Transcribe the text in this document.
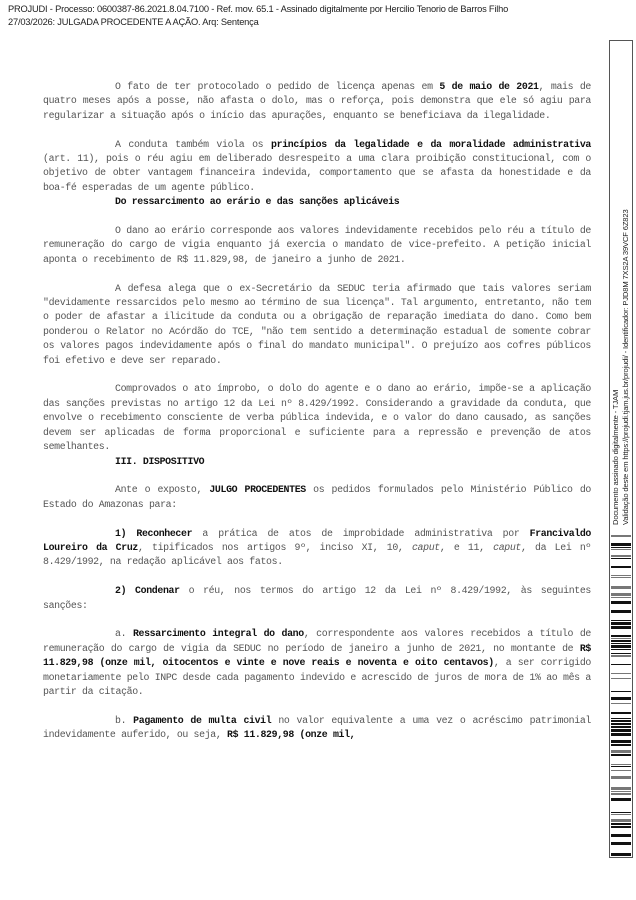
PROJUDI - Processo: 0600387-86.2021.8.04.7100 - Ref. mov. 65.1 - Assinado digitalmente por Hercilio Tenorio de Barros Filho
27/03/2026: JULGADA PROCEDENTE A AÇÃO. Arq: Sentença

O fato de ter protocolado o pedido de licença apenas em 5 de maio de 2021, mais de quatro meses após a posse, não afasta o dolo, mas o reforça, pois demonstra que ele só agiu para regularizar a situação após o início das apurações, enquanto se beneficiava da ilegalidade.

A conduta também viola os princípios da legalidade e da moralidade administrativa (art. 11), pois o réu agiu em deliberado desrespeito a uma clara proibição constitucional, com o objetivo de obter vantagem financeira indevida, comportamento que se afasta da honestidade e da boa-fé esperadas de um agente público.

Do ressarcimento ao erário e das sanções aplicáveis

O dano ao erário corresponde aos valores indevidamente recebidos pelo réu a título de remuneração do cargo de vigia enquanto já exercia o mandato de vice-prefeito. A petição inicial aponta o recebimento de R$ 11.829,98, de janeiro a junho de 2021.

A defesa alega que o ex-Secretário da SEDUC teria afirmado que tais valores seriam "devidamente ressarcidos pelo mesmo ao término de sua licença". Tal argumento, entretanto, não tem o poder de afastar a ilicitude da conduta ou a obrigação de reparação imediata do dano. Como bem ponderou o Relator no Acórdão do TCE, "não tem sentido a determinação estadual de somente cobrar os valores pagos indevidamente após o final do mandato municipal". O prejuízo aos cofres públicos foi efetivo e deve ser reparado.

Comprovados o ato ímprobo, o dolo do agente e o dano ao erário, impõe-se a aplicação das sanções previstas no artigo 12 da Lei nº 8.429/1992. Considerando a gravidade da conduta, que envolve o recebimento consciente de verba pública indevida, e o valor do dano causado, as sanções devem ser aplicadas de forma proporcional e suficiente para a repressão e prevenção de atos semelhantes.

III. DISPOSITIVO

Ante o exposto, JULGO PROCEDENTES os pedidos formulados pelo Ministério Público do Estado do Amazonas para:

1) Reconhecer a prática de atos de improbidade administrativa por Francivaldo Loureiro da Cruz, tipificados nos artigos 9º, inciso XI, 10, caput, e 11, caput, da Lei nº 8.429/1992, na redação aplicável aos fatos.

2) Condenar o réu, nos termos do artigo 12 da Lei nº 8.429/1992, às seguintes sanções:

a. Ressarcimento integral do dano, correspondente aos valores recebidos a título de remuneração do cargo de vigia da SEDUC no período de janeiro a junho de 2021, no montante de R$ 11.829,98 (onze mil, oitocentos e vinte e nove reais e noventa e oito centavos), a ser corrigido monetariamente pelo INPC desde cada pagamento indevido e acrescido de juros de mora de 1% ao mês a partir da citação.

b. Pagamento de multa civil no valor equivalente a uma vez o acréscimo patrimonial indevidamente auferido, ou seja, R$ 11.829,98 (onze mil,

Documento assinado digitalmente - TJAM Validação deste em https://projudi.tjam.jus.br/projudi/ - Identificador: PJD8M 7XS2A 39VCF 6Z823
